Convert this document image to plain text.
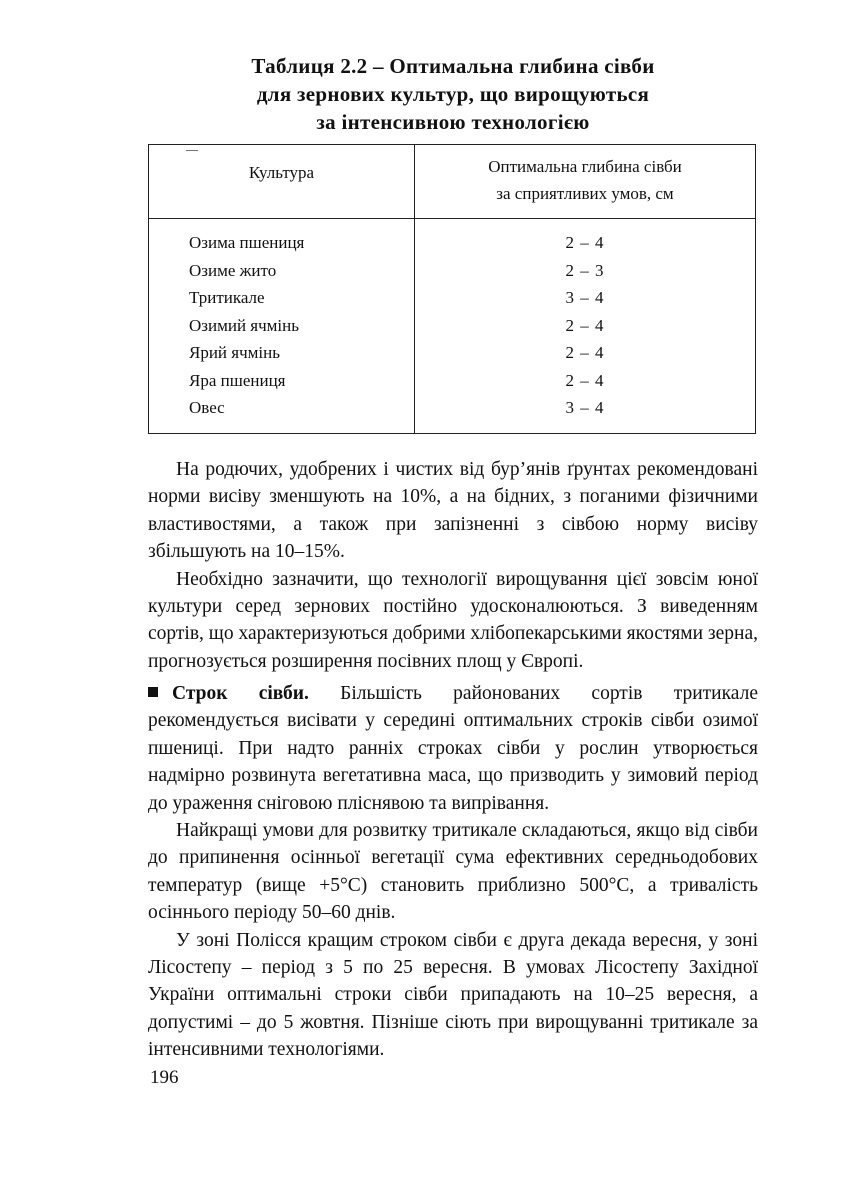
Таблиця 2.2 – Оптимальна глибина сівби
для зернових культур, що вирощуються
за інтенсивною технологією
Культура	Оптимальна глибина сівби
за сприятливих умов, см
Озима пшениця	2 – 4
Озиме жито	2 – 3
Тритикале	3 – 4
Озимий ячмінь	2 – 4
Ярий ячмінь	2 – 4
Яра пшениця	2 – 4
Овес	3 – 4

На родючих, удобрених і чистих від бур’янів ґрунтах рекомендовані норми висіву зменшують на 10%, а на бідних, з поганими фізичними властивостями, а також при запізненні з сівбою норму висіву збільшують на 10–15%.

Необхідно зазначити, що технології вирощування цієї зовсім юної культури серед зернових постійно удосконалюються. З виведенням сортів, що характеризуються добрими хлібопекарськими якостями зерна, прогнозується розширення посівних площ у Європі.

Строк сівби. Більшість районованих сортів тритикале рекомендується висівати у середині оптимальних строків сівби озимої пшениці. При надто ранніх строках сівби у рослин утворюється надмірно розвинута вегетативна маса, що призводить у зимовий період до ураження сніговою пліснявою та випрівання.

Найкращі умови для розвитку тритикале складаються, якщо від сівби до припинення осінньої вегетації сума ефективних середньодобових температур (вище +5°С) становить приблизно 500°С, а тривалість осіннього періоду 50–60 днів.

У зоні Полісся кращим строком сівби є друга декада вересня, у зоні Лісостепу – період з 5 по 25 вересня. В умовах Лісостепу Західної України оптимальні строки сівби припадають на 10–25 вересня, а допустимі – до 5 жовтня. Пізніше сіють при вирощуванні тритикале за інтенсивними технологіями.

196
